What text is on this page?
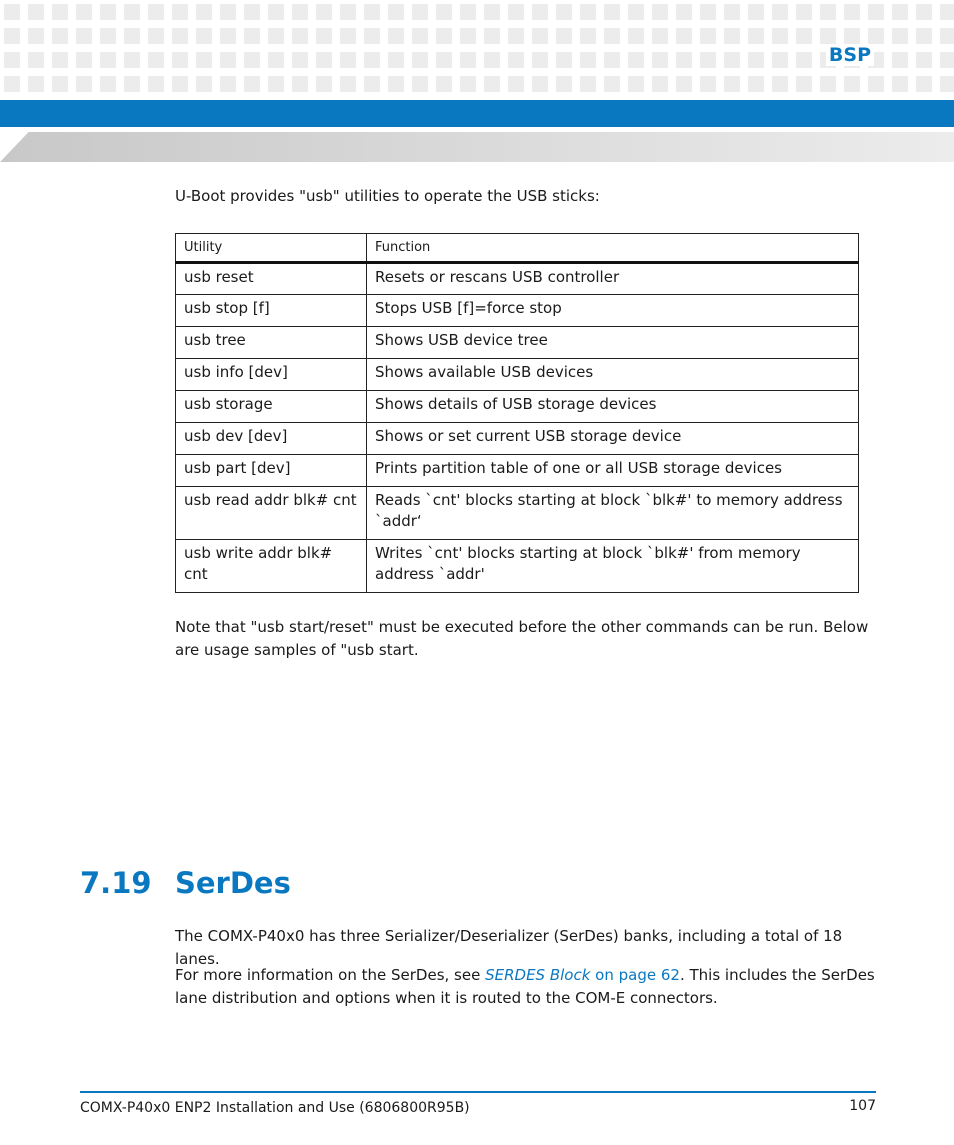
BSP

U-Boot provides "usb" utilities to operate the USB sticks:

Utility	Function
usb reset	Resets or rescans USB controller
usb stop [f]	Stops USB [f]=force stop
usb tree	Shows USB device tree
usb info [dev]	Shows available USB devices
usb storage	Shows details of USB storage devices
usb dev [dev]	Shows or set current USB storage device
usb part [dev]	Prints partition table of one or all USB storage devices
usb read addr blk# cnt	Reads `cnt' blocks starting at block `blk#' to memory address `addr‘
usb write addr blk# cnt	Writes `cnt' blocks starting at block `blk#' from memory address `addr'

Note that "usb start/reset" must be executed before the other commands can be run. Below are usage samples of "usb start.

7.19 SerDes

The COMX-P40x0 has three Serializer/Deserializer (SerDes) banks, including a total of 18 lanes.

For more information on the SerDes, see SERDES Block on page 62. This includes the SerDes lane distribution and options when it is routed to the COM-E connectors.

COMX-P40x0 ENP2 Installation and Use (6806800R95B)	107
